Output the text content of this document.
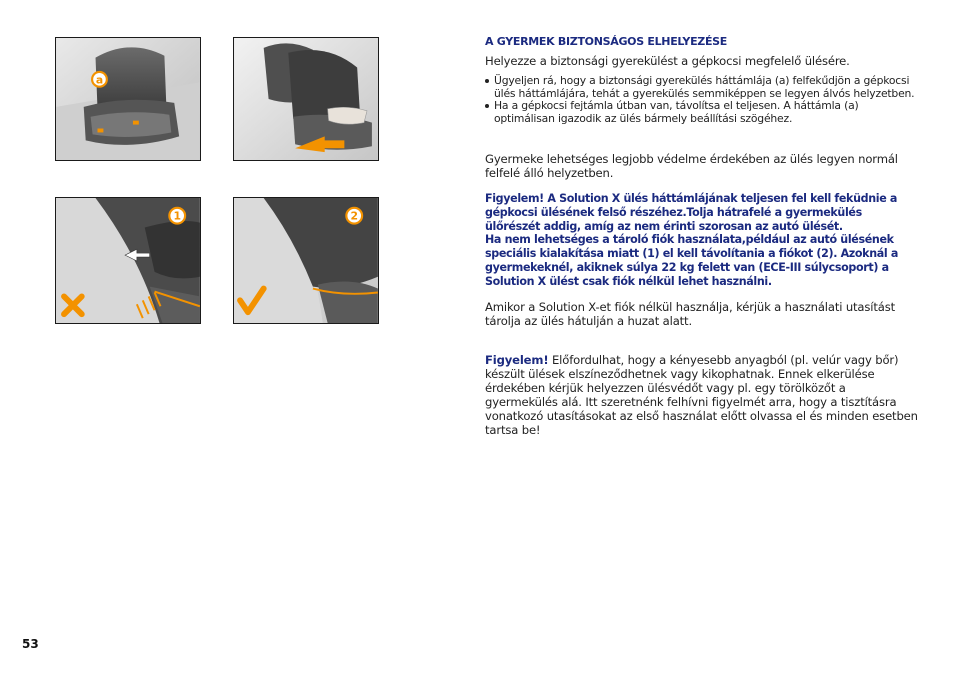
a
1	2
A GYERMEK BIZTONSÁGOS ELHELYEZÉSE
Helyezze a biztonsági gyerekülést a gépkocsi megfelelő ülésére.
Ügyeljen rá, hogy a biztonsági gyerekülés háttámlája (a) felfekűdjön a gépkocsi ülés háttámlájára, tehát a gyerekülés semmiképpen se legyen álvós helyzetben.
Ha a gépkocsi fejtámla útban van, távolítsa el teljesen. A háttámla (a) optimálisan igazodik az ülés bármely beállítási szögéhez.
Gyermeke lehetséges legjobb védelme érdekében az ülés legyen normál felfelé álló helyzetben.
Figyelem! A Solution X ülés háttámlájának teljesen fel kell feküdnie a gépkocsi ülésének felső részéhez.Tolja hátrafelé a gyermekülés ülőrészét addig, amíg az nem érinti szorosan az autó ülését.
Ha nem lehetséges a tároló fiók használata,például az autó ülésének speciális kialakítása miatt (1) el kell távolítania a fiókot (2). Azoknál a gyermekeknél, akiknek súlya 22 kg felett van (ECE-III súlycsoport) a Solution X ülést csak fiók nélkül lehet használni.
Amikor a Solution X-et fiók nélkül használja, kérjük a használati utasítást tárolja az ülés hátulján a huzat alatt.
Figyelem! Előfordulhat, hogy a kényesebb anyagból (pl. velúr vagy bőr) készült ülések elszíneződhetnek vagy kikophatnak. Ennek elkerülése érdekében kérjük helyezzen ülésvédőt vagy pl. egy törölközőt a gyermekülés alá. Itt szeretnénk felhívni figyelmét arra, hogy a tisztításra vonatkozó utasításokat az első használat előtt olvassa el és minden esetben tartsa be!
53
